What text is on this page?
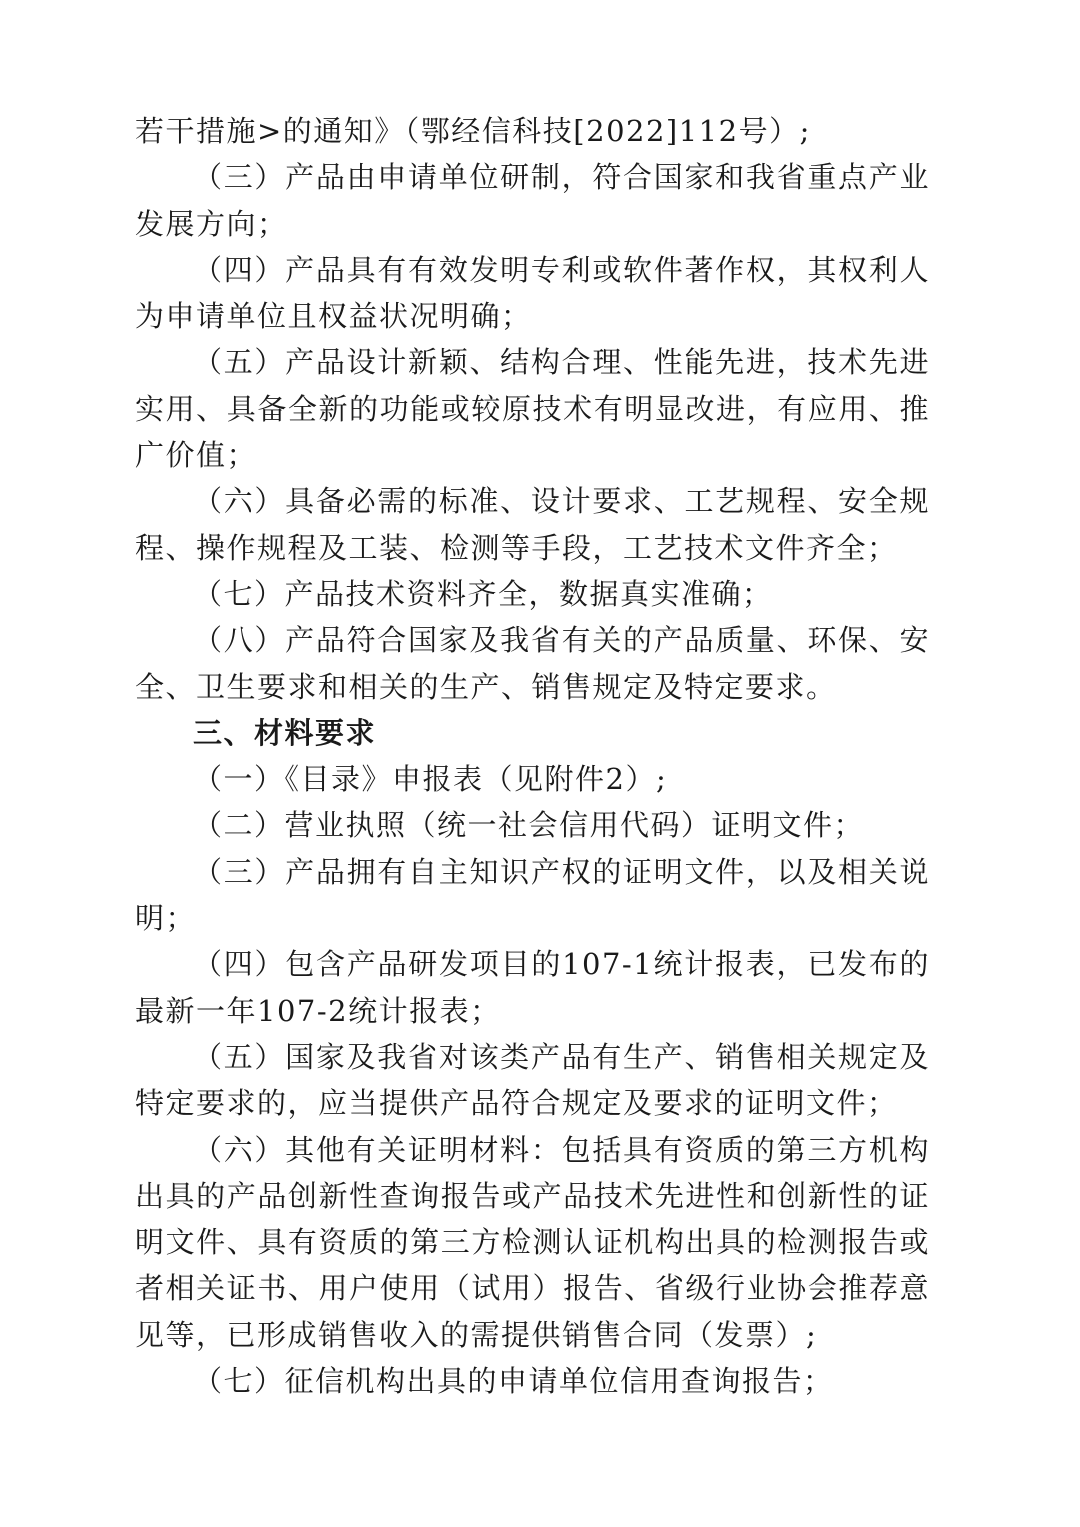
若干措施>的通知》（鄂经信科技[2022]112号）;

（三）产品由申请单位研制，符合国家和我省重点产业发展方向；

（四）产品具有有效发明专利或软件著作权，其权利人为申请单位且权益状况明确；

（五）产品设计新颖、结构合理、性能先进，技术先进实用、具备全新的功能或较原技术有明显改进，有应用、推广价值；

（六）具备必需的标准、设计要求、工艺规程、安全规程、操作规程及工装、检测等手段，工艺技术文件齐全；

（七）产品技术资料齐全，数据真实准确；

（八）产品符合国家及我省有关的产品质量、环保、安全、卫生要求和相关的生产、销售规定及特定要求。

三、材料要求

（一）《目录》申报表（见附件2）;

（二）营业执照（统一社会信用代码）证明文件；

（三）产品拥有自主知识产权的证明文件，以及相关说明；

（四）包含产品研发项目的107-1统计报表，已发布的最新一年107-2统计报表；

（五）国家及我省对该类产品有生产、销售相关规定及特定要求的，应当提供产品符合规定及要求的证明文件；

（六）其他有关证明材料：包括具有资质的第三方机构出具的产品创新性查询报告或产品技术先进性和创新性的证明文件、具有资质的第三方检测认证机构出具的检测报告或者相关证书、用户使用（试用）报告、省级行业协会推荐意见等，已形成销售收入的需提供销售合同（发票）;

（七）征信机构出具的申请单位信用查询报告；
